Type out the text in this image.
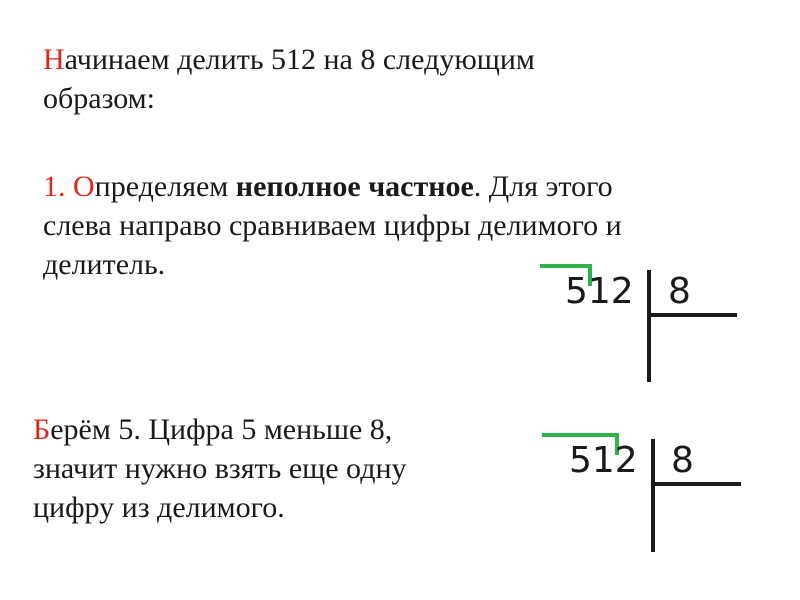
Начинаем делить 512 на 8 следующим
образом:
1. Определяем неполное частное. Для этого
слева направо сравниваем цифры делимого и
делитель.
512 8
Берём 5. Цифра 5 меньше 8,
значит нужно взять еще одну
цифру из делимого.
512 8
